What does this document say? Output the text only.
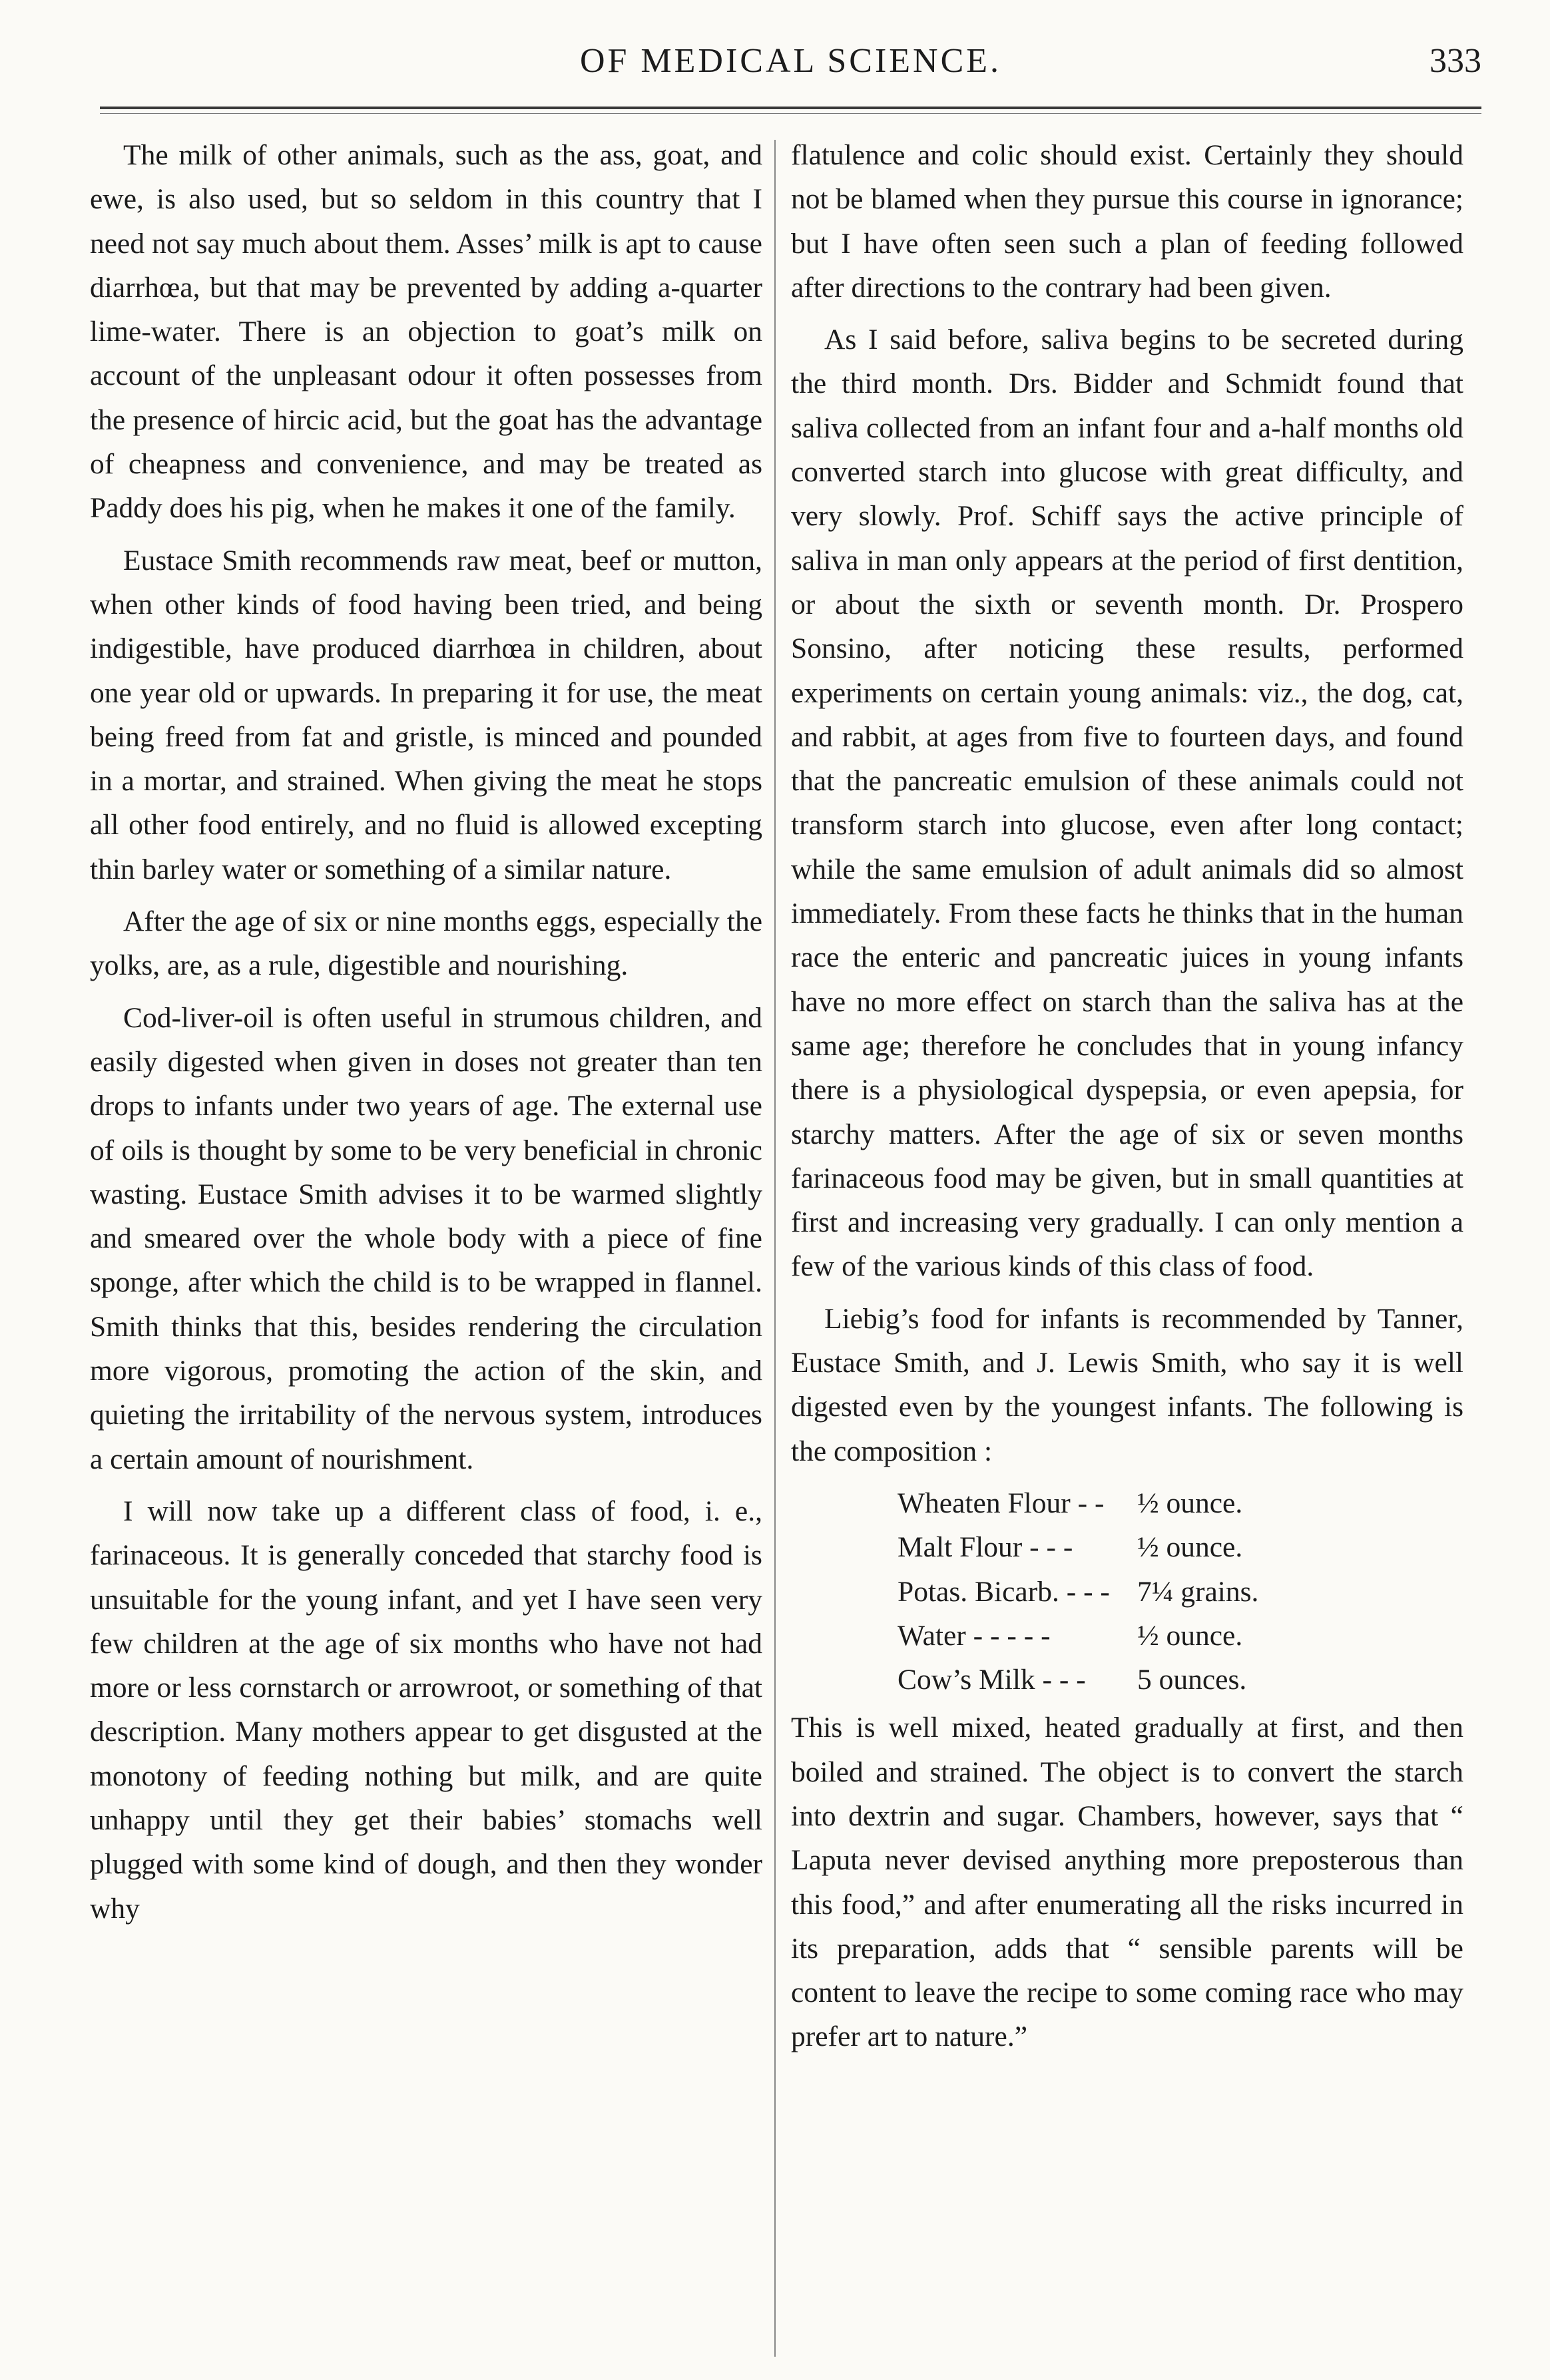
OF MEDICAL SCIENCE.	333

The milk of other animals, such as the ass, goat, and ewe, is also used, but so seldom in this country that I need not say much about them. Asses’ milk is apt to cause diarrhœa, but that may be prevented by adding a-quarter lime-water. There is an objection to goat’s milk on account of the unpleasant odour it often possesses from the presence of hircic acid, but the goat has the advantage of cheapness and convenience, and may be treated as Paddy does his pig, when he makes it one of the family.

Eustace Smith recommends raw meat, beef or mutton, when other kinds of food having been tried, and being indigestible, have produced diarrhœa in children, about one year old or upwards. In preparing it for use, the meat being freed from fat and gristle, is minced and pounded in a mortar, and strained. When giving the meat he stops all other food entirely, and no fluid is allowed excepting thin barley water or something of a similar nature.

After the age of six or nine months eggs, especially the yolks, are, as a rule, digestible and nourishing.

Cod-liver-oil is often useful in strumous children, and easily digested when given in doses not greater than ten drops to infants under two years of age. The external use of oils is thought by some to be very beneficial in chronic wasting. Eustace Smith advises it to be warmed slightly and smeared over the whole body with a piece of fine sponge, after which the child is to be wrapped in flannel. Smith thinks that this, besides rendering the circulation more vigorous, promoting the action of the skin, and quieting the irritability of the nervous system, introduces a certain amount of nourishment.

I will now take up a different class of food, i. e., farinaceous. It is generally conceded that starchy food is unsuitable for the young infant, and yet I have seen very few children at the age of six months who have not had more or less cornstarch or arrowroot, or something of that description. Many mothers appear to get disgusted at the monotony of feeding nothing but milk, and are quite unhappy until they get their babies’ stomachs well plugged with some kind of dough, and then they wonder why

flatulence and colic should exist. Certainly they should not be blamed when they pursue this course in ignorance; but I have often seen such a plan of feeding followed after directions to the contrary had been given.

As I said before, saliva begins to be secreted during the third month. Drs. Bidder and Schmidt found that saliva collected from an infant four and a-half months old converted starch into glucose with great difficulty, and very slowly. Prof. Schiff says the active principle of saliva in man only appears at the period of first dentition, or about the sixth or seventh month. Dr. Prospero Sonsino, after noticing these results, performed experiments on certain young animals: viz., the dog, cat, and rabbit, at ages from five to fourteen days, and found that the pancreatic emulsion of these animals could not transform starch into glucose, even after long contact; while the same emulsion of adult animals did so almost immediately. From these facts he thinks that in the human race the enteric and pancreatic juices in young infants have no more effect on starch than the saliva has at the same age; therefore he concludes that in young infancy there is a physiological dyspepsia, or even apepsia, for starchy matters. After the age of six or seven months farinaceous food may be given, but in small quantities at first and increasing very gradually. I can only mention a few of the various kinds of this class of food.

Liebig’s food for infants is recommended by Tanner, Eustace Smith, and J. Lewis Smith, who say it is well digested even by the youngest infants. The following is the composition :

Wheaten Flour - -	½ ounce.
Malt Flour - - -	½ ounce.
Potas. Bicarb. - - - 7¼ grains.
Water - - - - -	½ ounce.
Cow’s Milk - - -	5 ounces.

This is well mixed, heated gradually at first, and then boiled and strained. The object is to convert the starch into dextrin and sugar. Chambers, however, says that “ Laputa never devised anything more preposterous than this food,” and after enumerating all the risks incurred in its preparation, adds that “ sensible parents will be content to leave the recipe to some coming race who may prefer art to nature.”
